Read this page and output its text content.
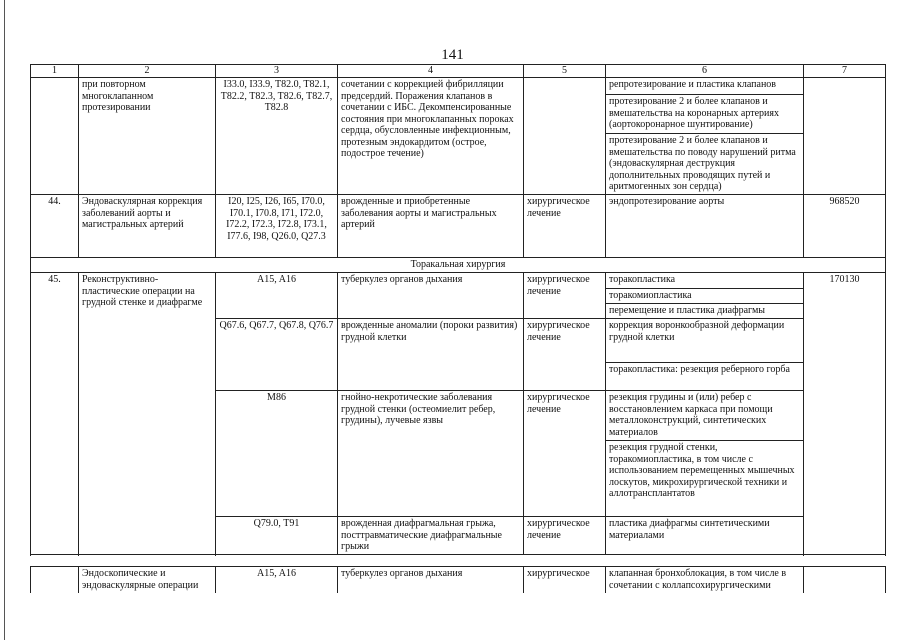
141
1	2	3	4	5	6	7
	при повторном многоклапанном протезировании	I33.0, I33.9, T82.0, T82.1, T82.2, T82.3, T82.6, T82.7, T82.8	сочетании с коррекцией фибрилляции предсердий. Поражения клапанов в сочетании с ИБС. Декомпенсированные состояния при многоклапанных пороках сердца, обусловленные инфекционным, протезным эндокардитом (острое, подострое течение)		репротезирование и пластика клапанов	
					протезирование 2 и более клапанов и вмешательства на коронарных артериях (аортокоронарное шунтирование)	
					протезирование 2 и более клапанов и вмешательства по поводу нарушений ритма (эндоваскулярная деструкция дополнительных проводящих путей и аритмогенных зон сердца)	
44.	Эндоваскулярная коррекция заболеваний аорты и магистральных артерий	I20, I25, I26, I65, I70.0, I70.1, I70.8, I71, I72.0, I72.2, I72.3, I72.8, I73.1, I77.6, I98, Q26.0, Q27.3	врожденные и приобретенные заболевания аорты и магистральных артерий	хирургическое лечение	эндопротезирование аорты	968520
Торакальная хирургия						
45.	Реконструктивно-пластические операции на грудной стенке и диафрагме	A15, A16	туберкулез органов дыхания	хирургическое лечение	торакопластика	170130
					торакомиопластика	
					перемещение и пластика диафрагмы	
		Q67.6, Q67.7, Q67.8, Q76.7	врожденные аномалии (пороки развития) грудной клетки	хирургическое лечение	коррекция воронкообразной деформации грудной клетки	
					торакопластика: резекция реберного горба	
		M86	гнойно-некротические заболевания грудной стенки (остеомиелит ребер, грудины), лучевые язвы	хирургическое лечение	резекция грудины и (или) ребер с восстановлением каркаса при помощи металлоконструкций, синтетических материалов	
					резекция грудной стенки, торакомиопластика, в том числе с использованием перемещенных мышечных лоскутов, микрохирургической техники и аллотрансплантатов	
		Q79.0, T91	врожденная диафрагмальная грыжа, посттравматические диафрагмальные грыжи	хирургическое лечение	пластика диафрагмы синтетическими материалами	

	Эндоскопические и эндоваскулярные операции	A15, A16	туберкулез органов дыхания	хирургическое	клапанная бронхоблокация, в том числе в сочетании с коллапсохирургическими	
